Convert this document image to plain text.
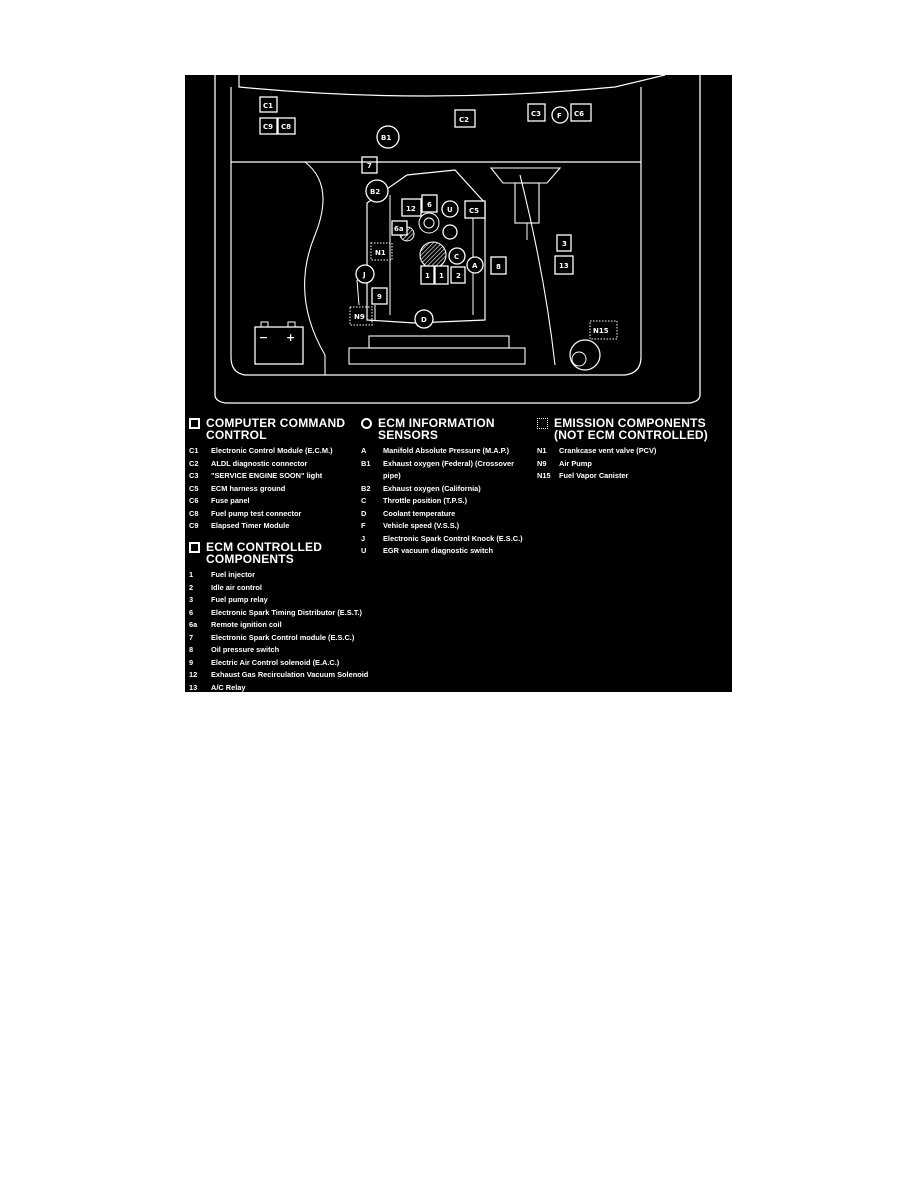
− +
C1
C9 C8
C2
C3 F C6
B1
7
B2
12 6
U C5
6a
N1	C
A	8
1 1 2
J
9
N9	D
3
13
N15
COMPUTER COMMAND
CONTROL
C1	Electronic Control Module (E.C.M.)
C2	ALDL diagnostic connector
C3	"SERVICE ENGINE SOON" light
C5	ECM harness ground
C6	Fuse panel
C8	Fuel pump test connector
C9	Elapsed Timer Module
ECM CONTROLLED
COMPONENTS
1	Fuel injector
2	Idle air control
3	Fuel pump relay
6	Electronic Spark Timing Distributor (E.S.T.)
6a	Remote ignition coil
7	Electronic Spark Control module (E.S.C.)
8	Oil pressure switch
9	Electric Air Control solenoid (E.A.C.)
12	Exhaust Gas Recirculation Vacuum Solenoid
13	A/C Relay
ECM INFORMATION
SENSORS
A	Manifold Absolute Pressure (M.A.P.)
B1	Exhaust oxygen (Federal) (Crossover pipe)
B2	Exhaust oxygen (California)
C	Throttle position (T.P.S.)
D	Coolant temperature
F	Vehicle speed (V.S.S.)
J	Electronic Spark Control Knock (E.S.C.)
U	EGR vacuum diagnostic switch
EMISSION COMPONENTS
(NOT ECM CONTROLLED)
N1	Crankcase vent valve (PCV)
N9	Air Pump
N15	Fuel Vapor Canister
